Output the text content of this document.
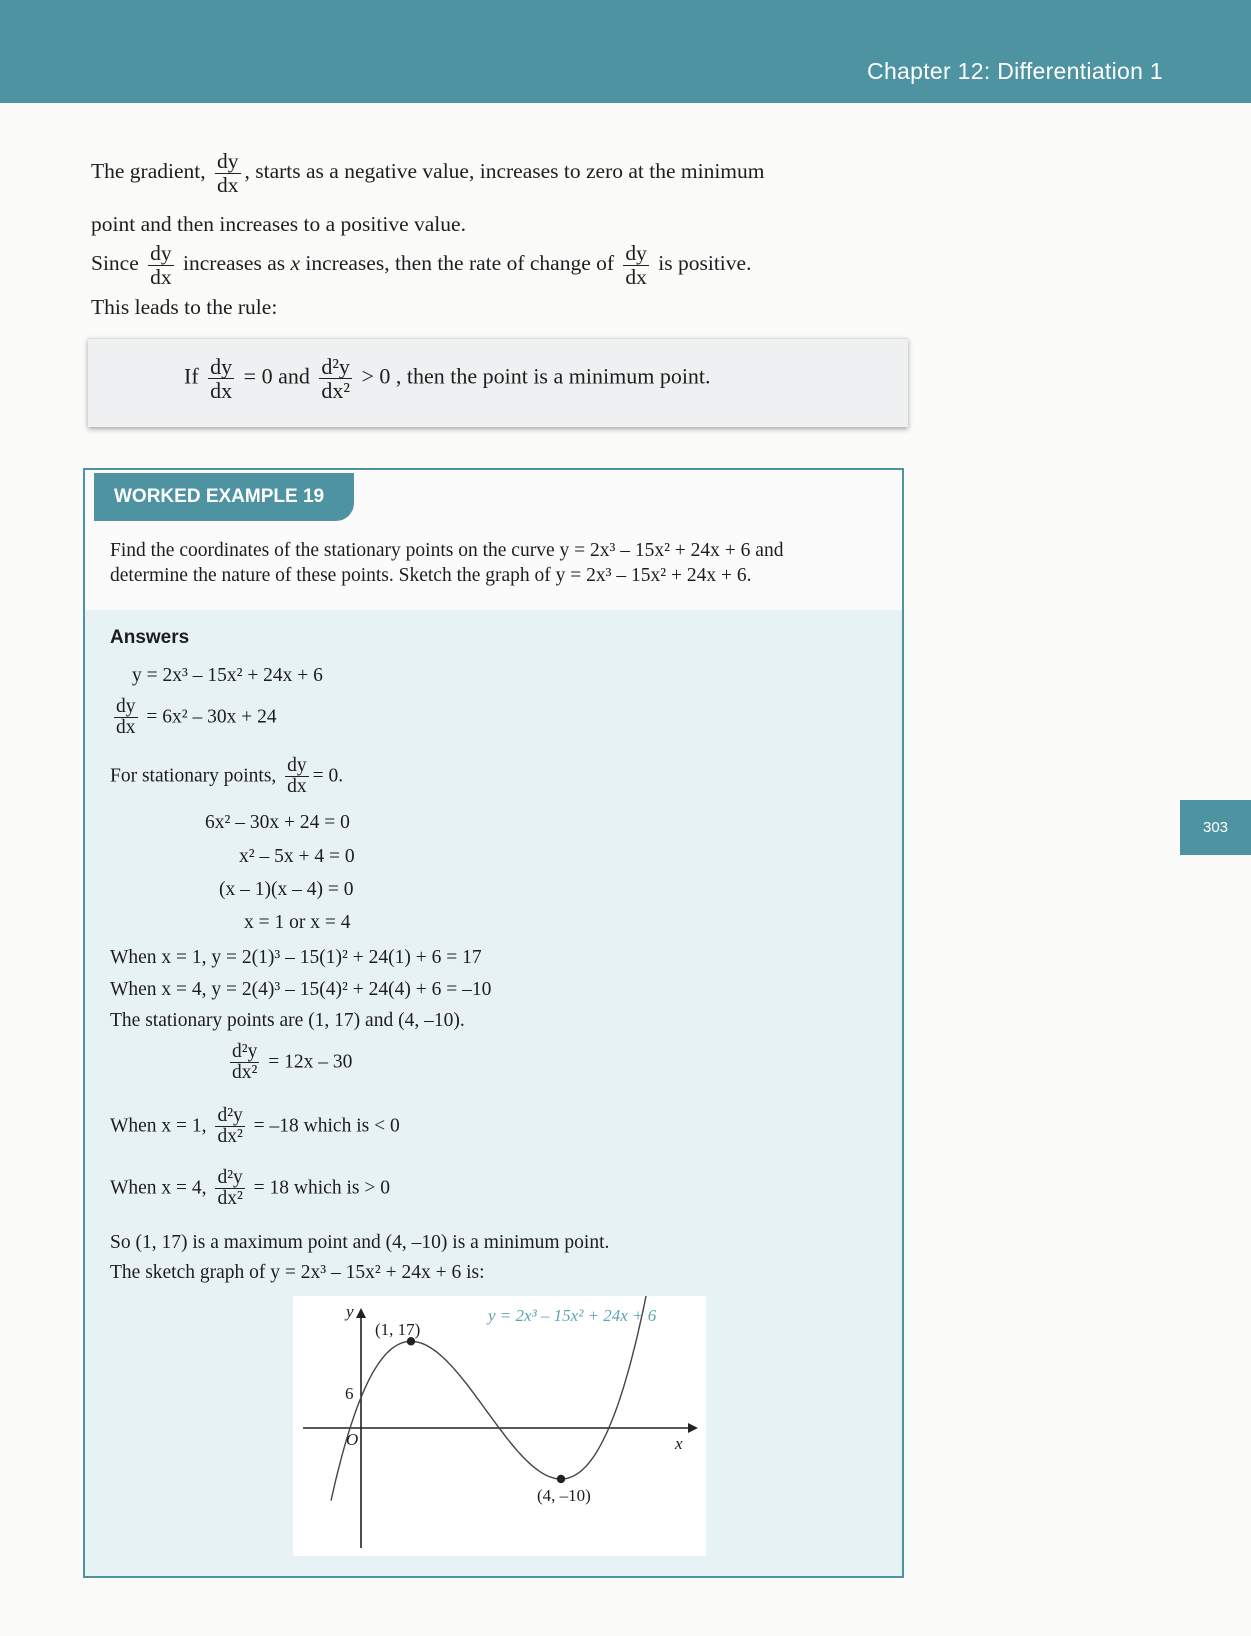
Chapter 12: Differentiation 1
303
The gradient, $\frac{dy}{dx}$ , starts as a negative value, increases to zero at the minimum
point and then increases to a positive value.
Since $\frac{dy}{dx}$ increases as x increases, then the rate of change of $\frac{dy}{dx}$ is positive.
This leads to the rule:
If $\frac{dy}{dx} = 0$ and $\frac{\text{d²y}}{\text{dx²}} > 0$ , then the point is a minimum point.
WORKED EXAMPLE 19
Find the coordinates of the stationary points on the curve y = 2x³ – 15x² + 24x + 6 and
determine the nature of these points. Sketch the graph of y = 2x³ – 15x² + 24x + 6.
Answers
y = 2x³ – 15x² + 24x + 6
$\frac{dy}{dx} = 6x^2 - 30x + 24$
For stationary points, $\frac{dy}{dx} = 0$.
6x² – 30x + 24 = 0
x² – 5x + 4 = 0
(x – 1)(x – 4) = 0
x = 1 or x = 4
When x = 1, y = 2(1)³ – 15(1)² + 24(1) + 6 = 17
When x = 4, y = 2(4)³ – 15(4)² + 24(4) + 6 = –10
The stationary points are (1, 17) and (4, –10).
$\frac{\text{d²y}}{\text{dx²}} = 12x - 30$
When x = 1, $\frac{\text{d²y}}{\text{dx²}} = -18$ which is < 0
When x = 4, $\frac{\text{d²y}}{\text{dx²}} = 18$ which is > 0
So (1, 17) is a maximum point and (4, –10) is a minimum point.
The sketch graph of y = 2x³ – 15x² + 24x + 6 is:
y
(1, 17)
y = 2x³ – 15x² + 24x + 6
6
O	x
(4, –10)
